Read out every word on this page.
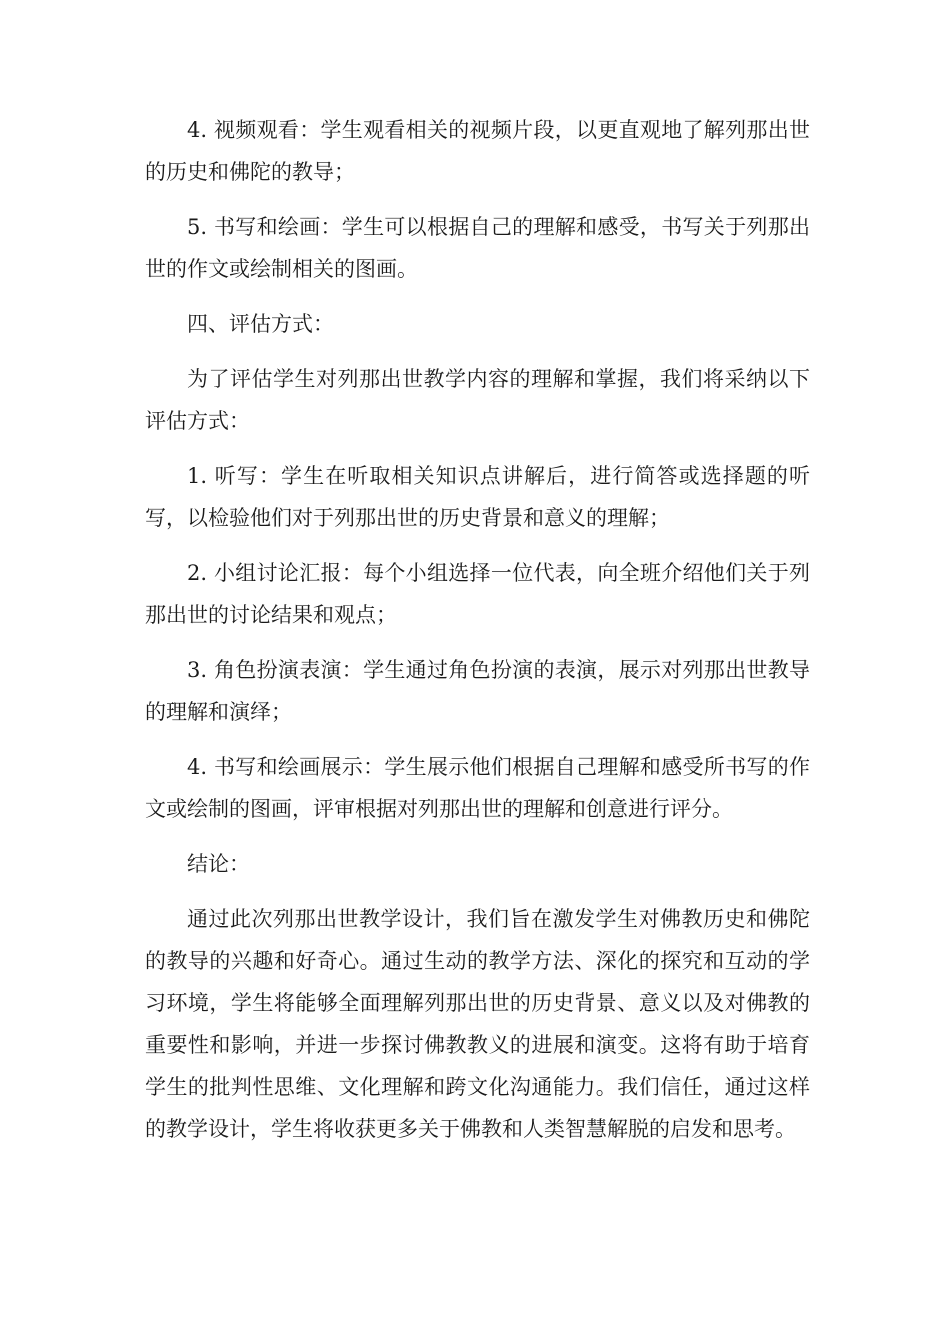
4. 视频观看：学生观看相关的视频片段，以更直观地了解列那出世的历史和佛陀的教导；

5. 书写和绘画：学生可以根据自己的理解和感受，书写关于列那出世的作文或绘制相关的图画。

四、评估方式：

为了评估学生对列那出世教学内容的理解和掌握，我们将采纳以下评估方式：

1. 听写：学生在听取相关知识点讲解后，进行简答或选择题的听写，以检验他们对于列那出世的历史背景和意义的理解；

2. 小组讨论汇报：每个小组选择一位代表，向全班介绍他们关于列那出世的讨论结果和观点；

3. 角色扮演表演：学生通过角色扮演的表演，展示对列那出世教导的理解和演绎；

4. 书写和绘画展示：学生展示他们根据自己理解和感受所书写的作文或绘制的图画，评审根据对列那出世的理解和创意进行评分。

结论：

通过此次列那出世教学设计，我们旨在激发学生对佛教历史和佛陀的教导的兴趣和好奇心。通过生动的教学方法、深化的探究和互动的学习环境，学生将能够全面理解列那出世的历史背景、意义以及对佛教的重要性和影响，并进一步探讨佛教教义的进展和演变。这将有助于培育学生的批判性思维、文化理解和跨文化沟通能力。我们信任，通过这样的教学设计，学生将收获更多关于佛教和人类智慧解脱的启发和思考。
